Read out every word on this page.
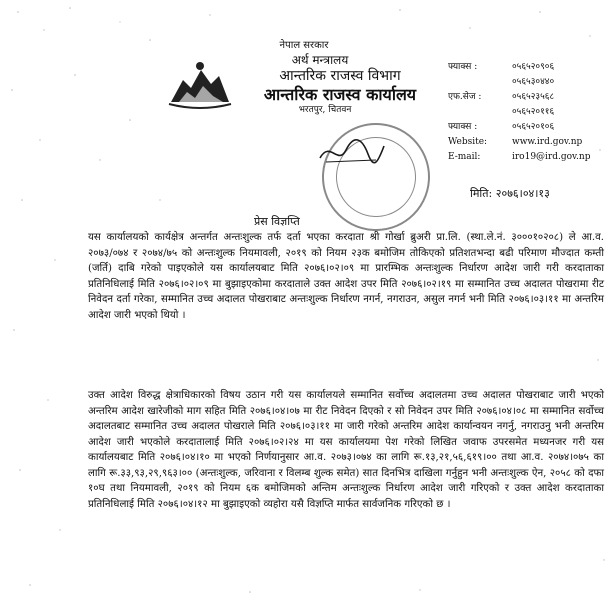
नेपाल सरकार
अर्थ मन्त्रालय
आन्तरिक राजस्व विभाग
आन्तरिक राजस्व कार्यालय
भरतपुर, चितवन
फ्याक्स :	०५६५२०९०६
०५६५३०४४०
एफ.सेज :	०५६५२३५६८
०५६५२०११६
फ्याक्स :	०५६५२०१०६
Website:	www.ird.gov.np
E-mail:	iro19@ird.gov.np
मिति: २०७६।०४।१३
प्रेस विज्ञप्ति

यस कार्यालयको कार्यक्षेत्र अन्तर्गत अन्तःशुल्क तर्फ दर्ता भएका करदाता श्री गोर्खा ब्रुअरी प्रा.लि. (स्था.ले.नं. ३०००१०२०८) ले आ.व. २०७३/०७४ र २०७४/७५ को अन्तःशुल्क नियमावली, २०१९ को नियम २३क बमोजिम तोकिएको प्रतिशतभन्दा बढी परिमाण मौज्दात कम्ती (जर्ति) दाबि गरेको पाइएकोले यस कार्यालयबाट मिति २०७६।०२।०९ मा प्रारम्भिक अन्तःशुल्क निर्धारण आदेश जारी गरी करदाताका प्रतिनिधिलाई मिति २०७६।०२।०९ मा बुझाइएकोमा करदाताले उक्त आदेश उपर मिति २०७६।०२।१९ मा सम्मानित उच्च अदालत पोखरामा रीट निवेदन दर्ता गरेका, सम्मानित उच्च अदालत पोखराबाट अन्तःशुल्क निर्धारण नगर्न, नगराउन, असुल नगर्न भनी मिति २०७६।०३।११ मा अन्तरिम आदेश जारी भएको थियो ।

उक्त आदेश विरुद्ध क्षेत्राधिकारको विषय उठान गरी यस कार्यालयले सम्मानित सर्वोच्च अदालतमा उच्च अदालत पोखराबाट जारी भएको अन्तरिम आदेश खारेजीको माग सहित मिति २०७६।०४।०७ मा रीट निवेदन दिएको र सो निवेदन उपर मिति २०७६।०४।०८ मा सम्मानित सर्वोच्च अदालतबाट सम्मानित उच्च अदालत पोखराले मिति २०७६।०३।११ मा जारी गरेको अन्तरिम आदेश कार्यान्वयन नगर्नु, नगराउनु भनी अन्तरिम आदेश जारी भएकोले करदातालाई मिति २०७६।०२।२४ मा यस कार्यालयमा पेश गरेको लिखित जवाफ उपरसमेत मध्यनजर गरी यस कार्यालयबाट मिति २०७६।०४।१० मा भएको निर्णयानुसार आ.व. २०७३।०७४ का लागि रू.१३,२१,५६,६१९।०० तथा आ.व. २०७४।०७५ का लागि रू.३३,९३,२९,९६३।०० (अन्तःशुल्क, जरिवाना र विलम्ब शुल्क समेत) सात दिनभित्र दाखिला गर्नुहुन भनी अन्तःशुल्क ऐन, २०५८ को दफा १०घ तथा नियमावली, २०१९ को नियम ६क बमोजिमको अन्तिम अन्तःशुल्क निर्धारण आदेश जारी गरिएको र उक्त आदेश करदाताका प्रतिनिधिलाई मिति २०७६।०४।१२ मा बुझाइएको व्यहोरा यसै विज्ञप्ति मार्फत सार्वजनिक गरिएको छ ।
